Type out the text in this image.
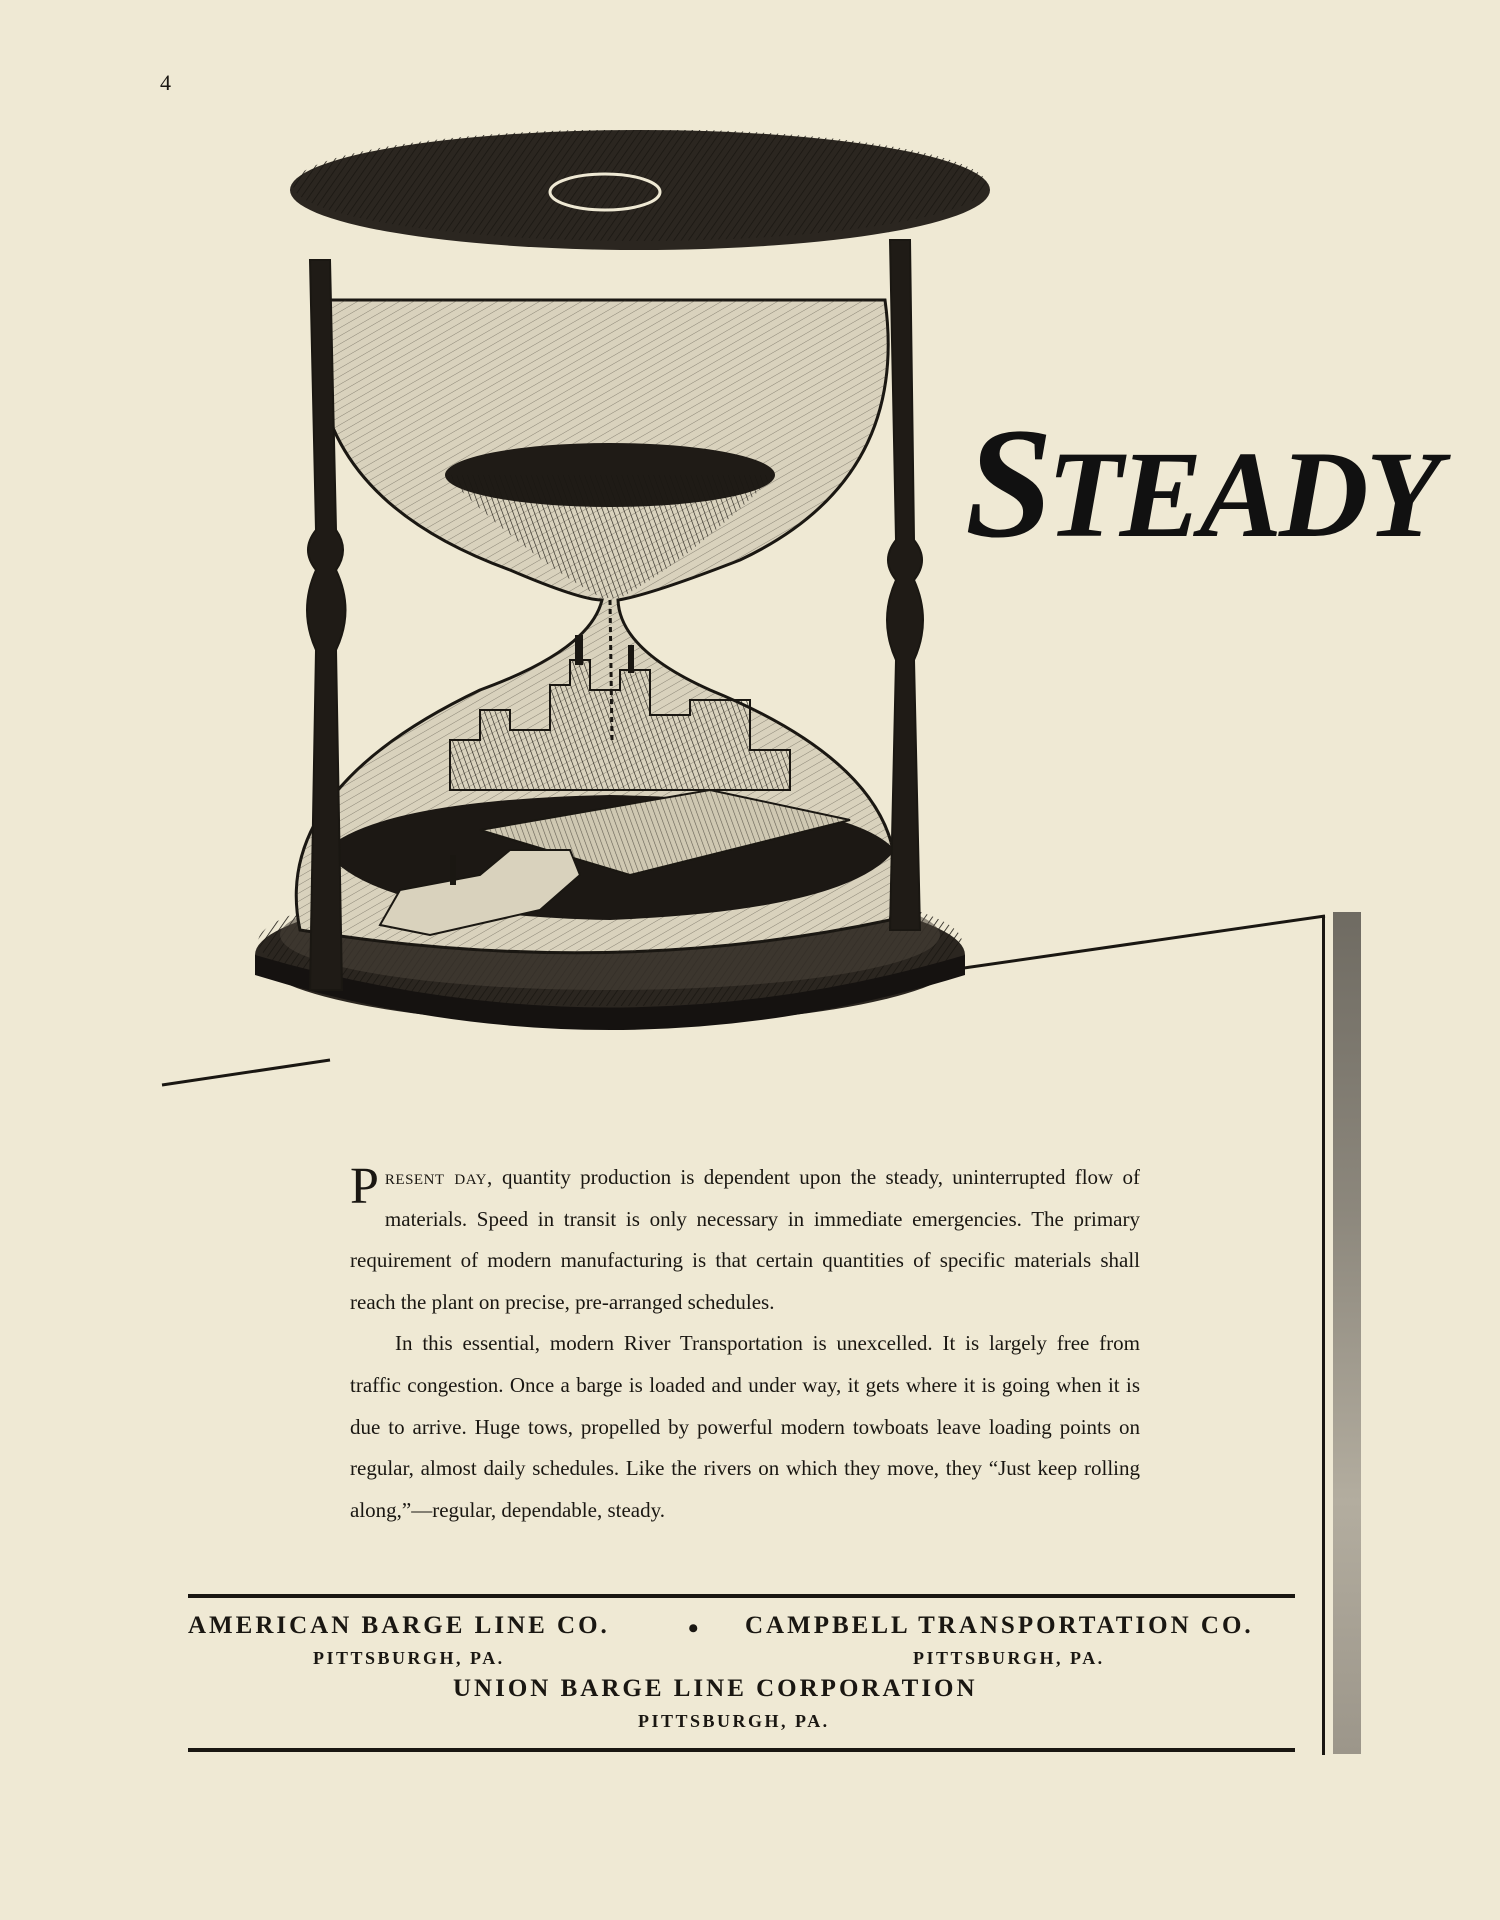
4
STEADY

Present day, quantity production is dependent upon the steady, uninterrupted flow of materials. Speed in transit is only necessary in immediate emergencies. The primary requirement of modern manufacturing is that certain quantities of specific materials shall reach the plant on precise, pre-arranged schedules.

In this essential, modern River Transportation is unexcelled. It is largely free from traffic congestion. Once a barge is loaded and under way, it gets where it is going when it is due to arrive. Huge tows, propelled by powerful modern towboats leave loading points on regular, almost daily schedules. Like the rivers on which they move, they “Just keep rolling along,”—regular, dependable, steady.

AMERICAN BARGE LINE CO.	• CAMPBELL TRANSPORTATION CO.
PITTSBURGH, PA.	PITTSBURGH, PA.
UNION BARGE LINE CORPORATION
PITTSBURGH, PA.
